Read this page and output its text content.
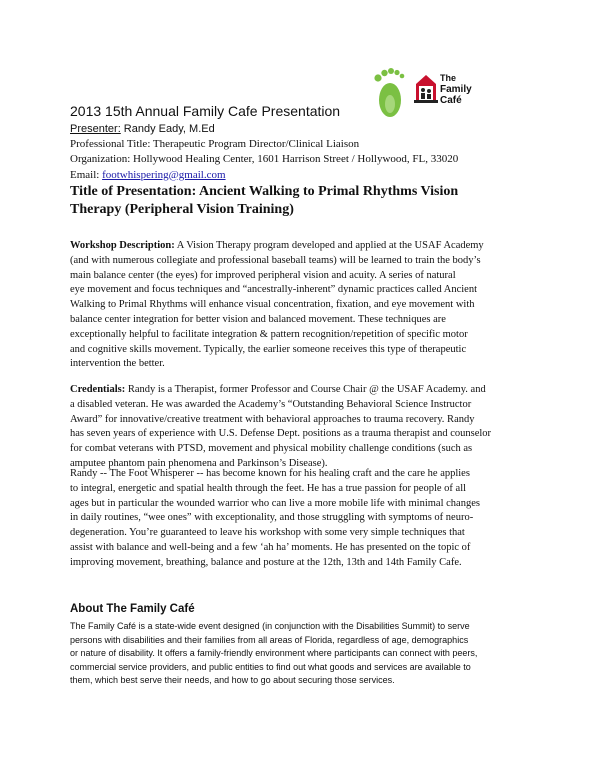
The
Family
Café
2013 15th Annual Family Cafe Presentation
Presenter: Randy Eady, M.Ed
Professional Title: Therapeutic Program Director/Clinical Liaison
Organization: Hollywood Healing Center, 1601 Harrison Street / Hollywood, FL, 33020
Email: footwhispering@gmail.com
Title of Presentation: Ancient Walking to Primal Rhythms Vision
Therapy (Peripheral Vision Training)
Workshop Description: A Vision Therapy program developed and applied at the USAF Academy
(and with numerous collegiate and professional baseball teams) will be learned to train the body’s
main balance center (the eyes) for improved peripheral vision and acuity. A series of natural
eye movement and focus techniques and “ancestrally-inherent” dynamic practices called Ancient
Walking to Primal Rhythms will enhance visual concentration, fixation, and eye movement with
balance center integration for better vision and balanced movement. These techniques are
exceptionally helpful to facilitate integration & pattern recognition/repetition of specific motor
and cognitive skills movement. Typically, the earlier someone receives this type of therapeutic
intervention the better.
Credentials: Randy is a Therapist, former Professor and Course Chair @ the USAF Academy. and
a disabled veteran. He was awarded the Academy’s “Outstanding Behavioral Science Instructor
Award” for innovative/creative treatment with behavioral approaches to trauma recovery. Randy
has seven years of experience with U.S. Defense Dept. positions as a trauma therapist and counselor
for combat veterans with PTSD, movement and physical mobility challenge conditions (such as
amputee phantom pain phenomena and Parkinson’s Disease).
Randy -- The Foot Whisperer -- has become known for his healing craft and the care he applies
to integral, energetic and spatial health through the feet. He has a true passion for people of all
ages but in particular the wounded warrior who can live a more mobile life with minimal changes
in daily routines, “wee ones” with exceptionality, and those struggling with symptoms of neuro-
degeneration. You’re guaranteed to leave his workshop with some very simple techniques that
assist with balance and well-being and a few ‘ah ha’ moments. He has presented on the topic of
improving movement, breathing, balance and posture at the 12th, 13th and 14th Family Cafe.
About The Family Café
The Family Café is a state-wide event designed (in conjunction with the Disabilities Summit) to serve
persons with disabilities and their families from all areas of Florida, regardless of age, demographics
or nature of disability. It offers a family-friendly environment where participants can connect with peers,
commercial service providers, and public entities to find out what goods and services are available to
them, which best serve their needs, and how to go about securing those services.
